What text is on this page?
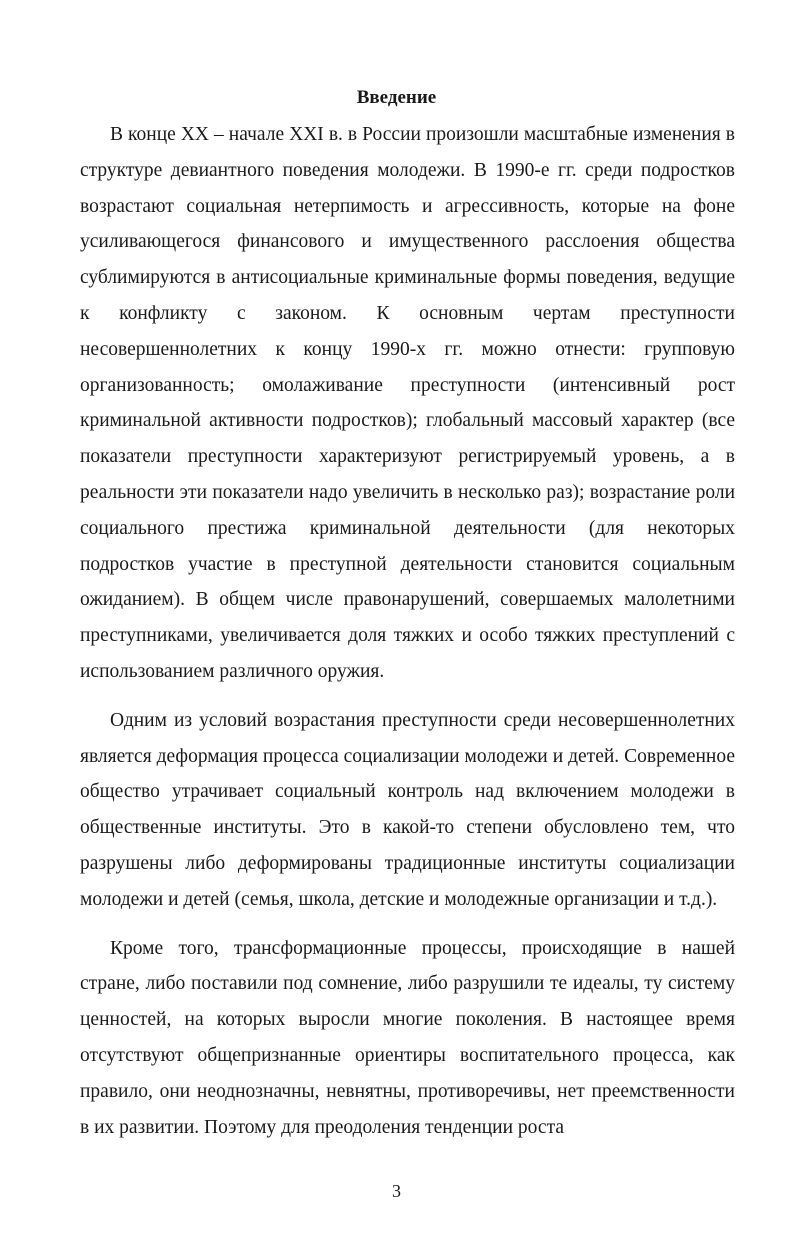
Введение

В конце XX – начале XXI в. в России произошли масштабные изменения в структуре девиантного поведения молодежи. В 1990-е гг. среди подростков возрастают социальная нетерпимость и агрессивность, которые на фоне усиливающегося финансового и имущественного расслоения общества сублимируются в антисоциальные криминальные формы поведения, ведущие к конфликту с законом. К основным чертам преступности несовершеннолетних к концу 1990-х гг. можно отнести: групповую организованность; омолаживание преступности (интенсивный рост криминальной активности подростков); глобальный массовый характер (все показатели преступности характеризуют регистрируемый уровень, а в реальности эти показатели надо увеличить в несколько раз); возрастание роли социального престижа криминальной деятельности (для некоторых подростков участие в преступной деятельности становится социальным ожиданием). В общем числе правонарушений, совершаемых малолетними преступниками, увеличивается доля тяжких и особо тяжких преступлений с использованием различного оружия.

Одним из условий возрастания преступности среди несовершеннолетних является деформация процесса социализации молодежи и детей. Современное общество утрачивает социальный контроль над включением молодежи в общественные институты. Это в какой-то степени обусловлено тем, что разрушены либо деформированы традиционные институты социализации молодежи и детей (семья, школа, детские и молодежные организации и т.д.).

Кроме того, трансформационные процессы, происходящие в нашей стране, либо поставили под сомнение, либо разрушили те идеалы, ту систему ценностей, на которых выросли многие поколения. В настоящее время отсутствуют общепризнанные ориентиры воспитательного процесса, как правило, они неоднозначны, невнятны, противоречивы, нет преемственности в их развитии. Поэтому для преодоления тенденции роста

3
